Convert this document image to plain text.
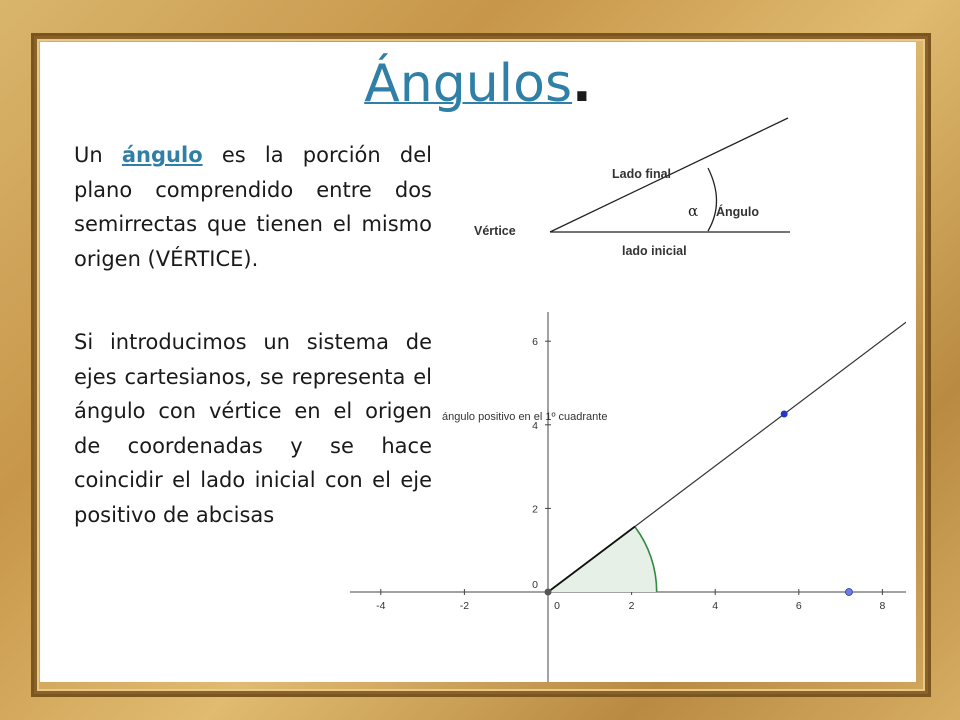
Ángulos.
Un ángulo es la porción del plano comprendido entre dos semirrectas que tienen el mismo origen (VÉRTICE).
Si introducimos un sistema de ejes cartesianos, se representa el ángulo con vértice en el origen de coordenadas y se hace coincidir el lado inicial con el eje positivo de abcisas
Lado final
α Ángulo
Vértice
lado inicial
-4	-2	0	2	4	6	8
0
2
4
6
ángulo positivo en el 1º cuadrante
